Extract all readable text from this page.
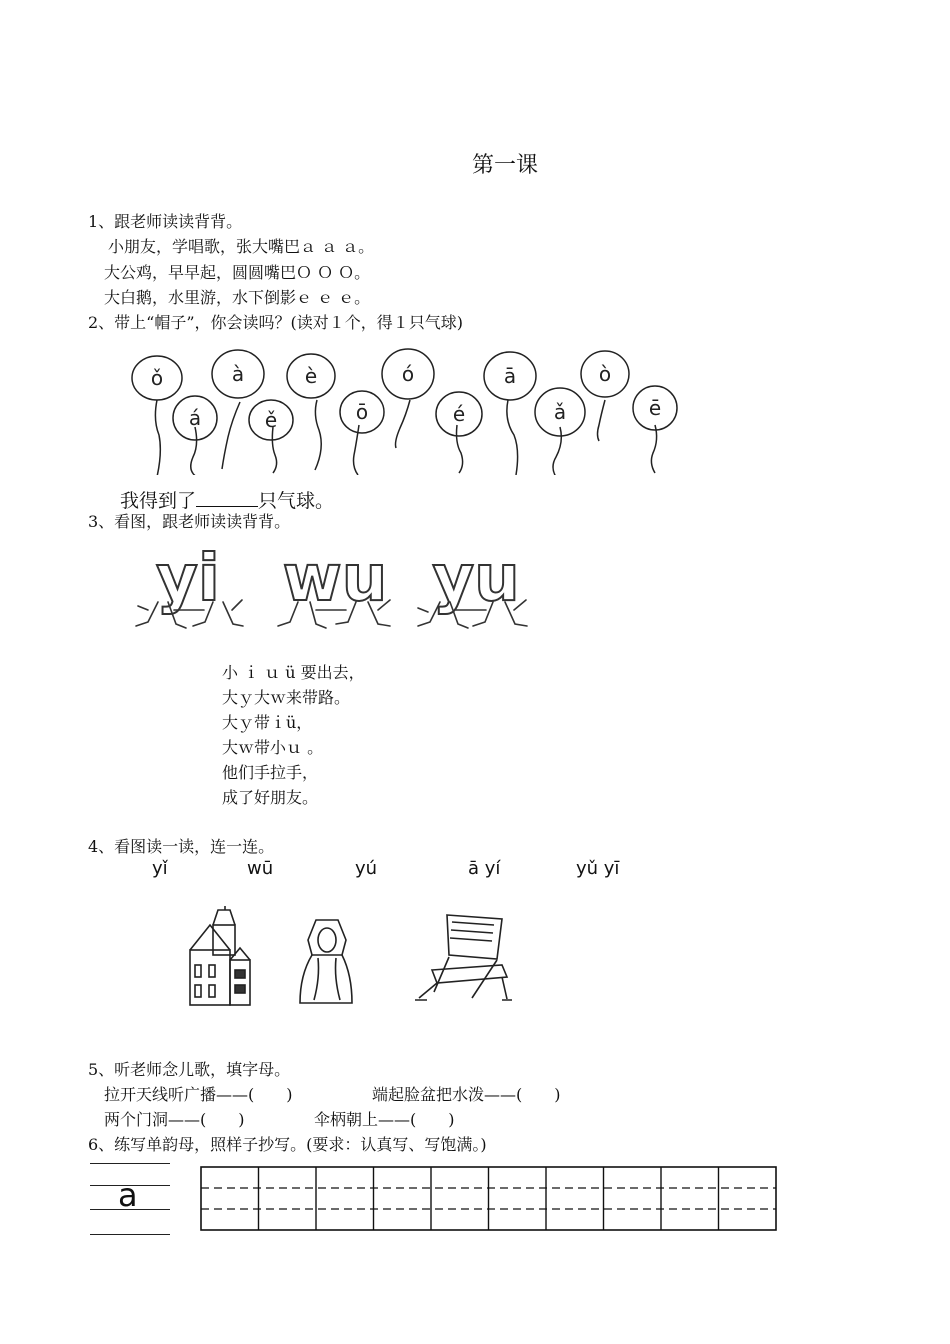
第一课
1、跟老师读读背背。
小朋友，学唱歌，张大嘴巴ａ ａ ａ。
大公鸡，早早起，圆圆嘴巴Ｏ Ｏ Ｏ。
大白鹅，水里游，水下倒影ｅ ｅ ｅ。
2、带上“帽子”，你会读吗？(读对１个，得１只气球)
ǒ
á
à
ě
è
ō
ó
é
ā
ǎ
ò
ē
我得到了	只气球。
3、看图，跟老师读读背背。
yi wu yu
小 ｉ ｕ ü 要出去，
大ｙ大ｗ来带路。
大ｙ带ｉü，
大ｗ带小ｕ 。
他们手拉手，
成了好朋友。
4、看图读一读，连一连。
yǐ	wū	yú	ā yí	yǔ yī
5、听老师念儿歌，填字母。
拉开天线听广播——(　　)	端起脸盆把水泼——(　　)
两个门洞——(　　)	伞柄朝上——(　　)
6、练写单韵母，照样子抄写。(要求：认真写、写饱满。)
a
